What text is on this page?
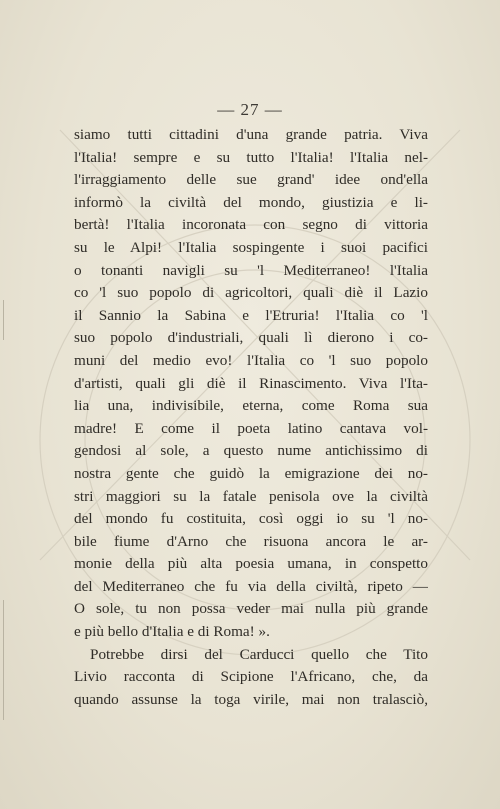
— 27 —
siamo tutti cittadini d'una grande patria. Viva
l'Italia! sempre e su tutto l'Italia! l'Italia nel-
l'irraggiamento delle sue grand' idee ond'ella
informò la civiltà del mondo, giustizia e li-
bertà! l'Italia incoronata con segno di vittoria
su le Alpi! l'Italia sospingente i suoi pacifici
o tonanti navigli su 'l Mediterraneo! l'Italia
co 'l suo popolo di agricoltori, quali diè il Lazio
il Sannio la Sabina e l'Etruria! l'Italia co 'l
suo popolo d'industriali, quali lì dierono i co-
muni del medio evo! l'Italia co 'l suo popolo
d'artisti, quali gli diè il Rinascimento. Viva l'Ita-
lia una, indivisibile, eterna, come Roma sua
madre! E come il poeta latino cantava vol-
gendosi al sole, a questo nume antichissimo di
nostra gente che guidò la emigrazione dei no-
stri maggiori su la fatale penisola ove la civiltà
del mondo fu costituita, così oggi io su 'l no-
bile fiume d'Arno che risuona ancora le ar-
monie della più alta poesia umana, in conspetto
del Mediterraneo che fu via della civiltà, ripeto —
O sole, tu non possa veder mai nulla più grande
e più bello d'Italia e di Roma! ».
Potrebbe dirsi del Carducci quello che Tito
Livio racconta di Scipione l'Africano, che, da
quando assunse la toga virile, mai non tralasciò,
